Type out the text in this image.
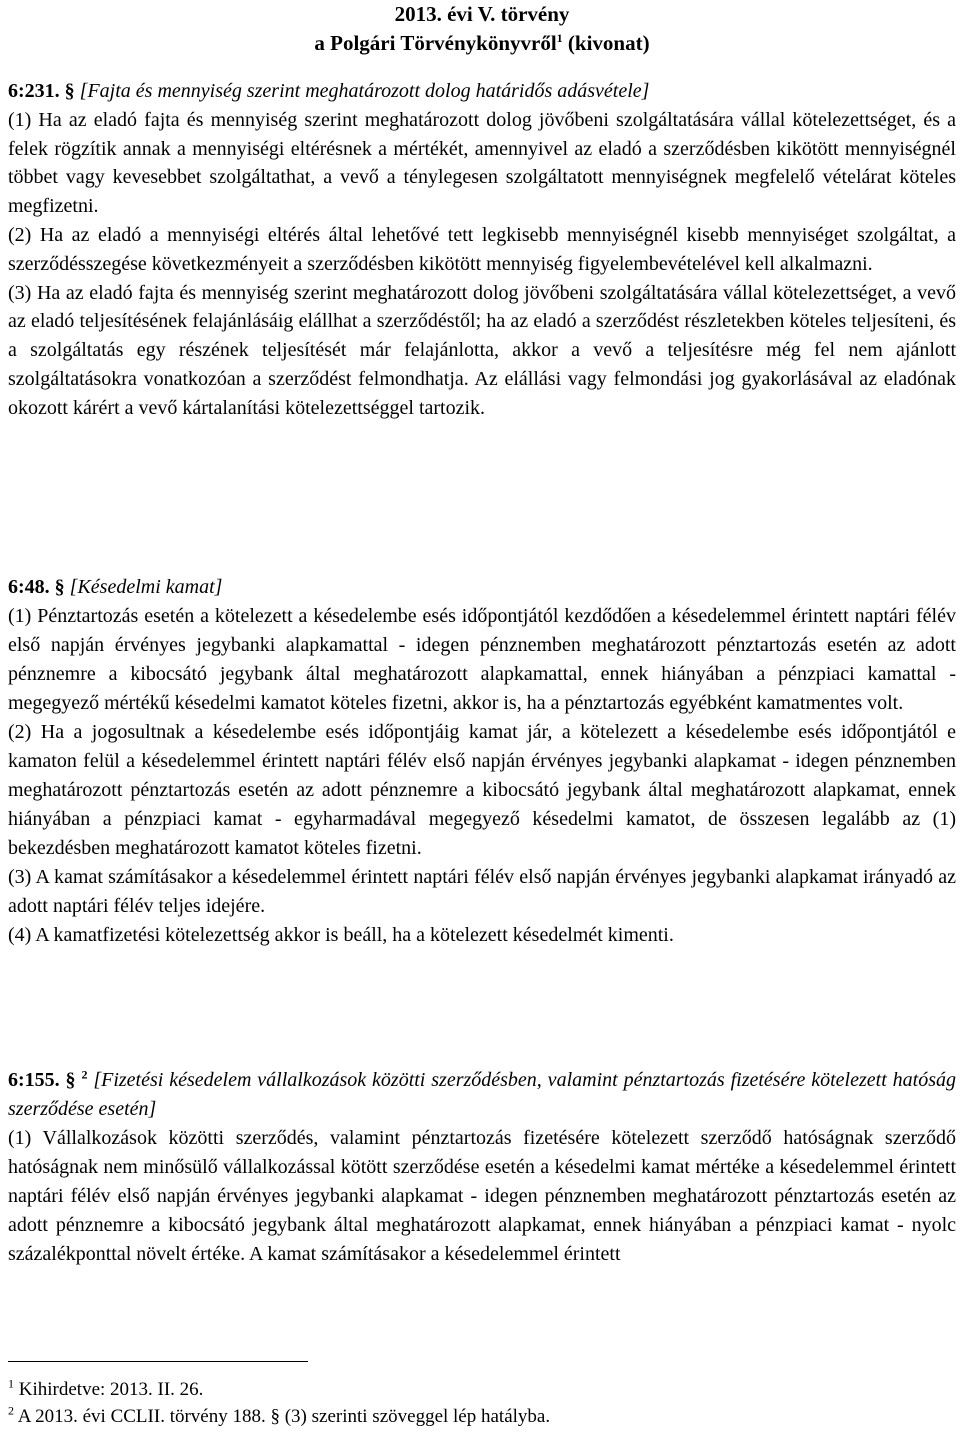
2013. évi V. törvény

a Polgári Törvénykönyvről$^1$ (kivonat)

6:231. § [Fajta és mennyiség szerint meghatározott dolog határidős adásvétele]

(1) Ha az eladó fajta és mennyiség szerint meghatározott dolog jövőbeni szolgáltatására vállal kötelezettséget, és a felek rögzítik annak a mennyiségi eltérésnek a mértékét, amennyivel az eladó a szerződésben kikötött mennyiségnél többet vagy kevesebbet szolgáltathat, a vevő a ténylegesen szolgáltatott mennyiségnek megfelelő vételárat köteles megfizetni.

(2) Ha az eladó a mennyiségi eltérés által lehetővé tett legkisebb mennyiségnél kisebb mennyiséget szolgáltat, a szerződésszegése következményeit a szerződésben kikötött mennyiség figyelembevételével kell alkalmazni.

(3) Ha az eladó fajta és mennyiség szerint meghatározott dolog jövőbeni szolgáltatására vállal kötelezettséget, a vevő az eladó teljesítésének felajánlásáig elállhat a szerződéstől; ha az eladó a szerződést részletekben köteles teljesíteni, és a szolgáltatás egy részének teljesítését már felajánlotta, akkor a vevő a teljesítésre még fel nem ajánlott szolgáltatásokra vonatkozóan a szerződést felmondhatja. Az elállási vagy felmondási jog gyakorlásával az eladónak okozott kárért a vevő kártalanítási kötelezettséggel tartozik.

6:48. § [Késedelmi kamat]

(1) Pénztartozás esetén a kötelezett a késedelembe esés időpontjától kezdődően a késedelemmel érintett naptári félév első napján érvényes jegybanki alapkamattal - idegen pénznemben meghatározott pénztartozás esetén az adott pénznemre a kibocsátó jegybank által meghatározott alapkamattal, ennek hiányában a pénzpiaci kamattal - megegyező mértékű késedelmi kamatot köteles fizetni, akkor is, ha a pénztartozás egyébként kamatmentes volt.

(2) Ha a jogosultnak a késedelembe esés időpontjáig kamat jár, a kötelezett a késedelembe esés időpontjától e kamaton felül a késedelemmel érintett naptári félév első napján érvényes jegybanki alapkamat - idegen pénznemben meghatározott pénztartozás esetén az adott pénznemre a kibocsátó jegybank által meghatározott alapkamat, ennek hiányában a pénzpiaci kamat - egyharmadával megegyező késedelmi kamatot, de összesen legalább az (1) bekezdésben meghatározott kamatot köteles fizetni.

(3) A kamat számításakor a késedelemmel érintett naptári félév első napján érvényes jegybanki alapkamat irányadó az adott naptári félév teljes idejére.

(4) A kamatfizetési kötelezettség akkor is beáll, ha a kötelezett késedelmét kimenti.

6:155. § $^2$ [Fizetési késedelem vállalkozások közötti szerződésben, valamint pénztartozás fizetésére kötelezett hatóság szerződése esetén]

(1) Vállalkozások közötti szerződés, valamint pénztartozás fizetésére kötelezett szerződő hatóságnak szerződő hatóságnak nem minősülő vállalkozással kötött szerződése esetén a késedelmi kamat mértéke a késedelemmel érintett naptári félév első napján érvényes jegybanki alapkamat - idegen pénznemben meghatározott pénztartozás esetén az adott pénznemre a kibocsátó jegybank által meghatározott alapkamat, ennek hiányában a pénzpiaci kamat - nyolc százalékponttal növelt értéke. A kamat számításakor a késedelemmel érintett

$^1$ Kihirdetve: 2013. II. 26.

$^2$ A 2013. évi CCLII. törvény 188. § (3) szerinti szöveggel lép hatályba.
